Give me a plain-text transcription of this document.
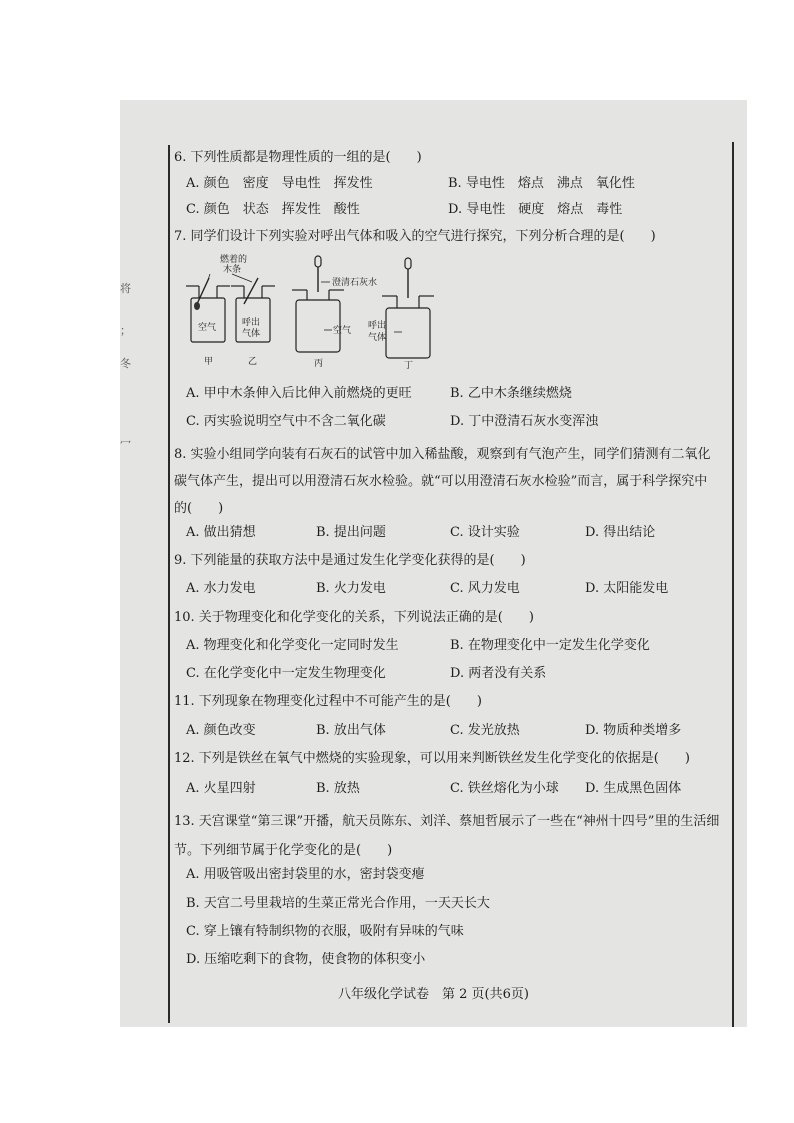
将
；
冬
冖
6. 下列性质都是物理性质的一组的是(　　)
A. 颜色　密度　导电性　挥发性	B. 导电性　熔点　沸点　氧化性
C. 颜色　状态　挥发性　酸性	D. 导电性　硬度　熔点　毒性
7. 同学们设计下列实验对呼出气体和吸入的空气进行探究，下列分析合理的是(　　)
燃着的
木条
澄清石灰水
空气	呼出
气体	空气 呼出
气体
甲	乙	丙	丁
A. 甲中木条伸入后比伸入前燃烧的更旺	B. 乙中木条继续燃烧
C. 丙实验说明空气中不含二氧化碳	D. 丁中澄清石灰水变浑浊
8. 实验小组同学向装有石灰石的试管中加入稀盐酸，观察到有气泡产生，同学们猜测有二氧化碳气体产生，提出可以用澄清石灰水检验。就“可以用澄清石灰水检验”而言，属于科学探究中的(　　)
A. 做出猜想	B. 提出问题	C. 设计实验	D. 得出结论
9. 下列能量的获取方法中是通过发生化学变化获得的是(　　)
A. 水力发电	B. 火力发电	C. 风力发电	D. 太阳能发电
10. 关于物理变化和化学变化的关系，下列说法正确的是(　　)
A. 物理变化和化学变化一定同时发生	B. 在物理变化中一定发生化学变化
C. 在化学变化中一定发生物理变化	D. 两者没有关系
11. 下列现象在物理变化过程中不可能产生的是(　　)
A. 颜色改变	B. 放出气体	C. 发光放热	D. 物质种类增多
12. 下列是铁丝在氧气中燃烧的实验现象，可以用来判断铁丝发生化学变化的依据是(　　)
A. 火星四射	B. 放热	C. 铁丝熔化为小球 D. 生成黑色固体
13. 天宫课堂“第三课”开播，航天员陈东、刘洋、蔡旭哲展示了一些在“神州十四号”里的生活细节。下列细节属于化学变化的是(　　)
A. 用吸管吸出密封袋里的水，密封袋变瘪
B. 天宫二号里栽培的生菜正常光合作用，一天天长大
C. 穿上镶有特制织物的衣服，吸附有异味的气味
D. 压缩吃剩下的食物，使食物的体积变小
八年级化学试卷　第 2 页(共6页)
